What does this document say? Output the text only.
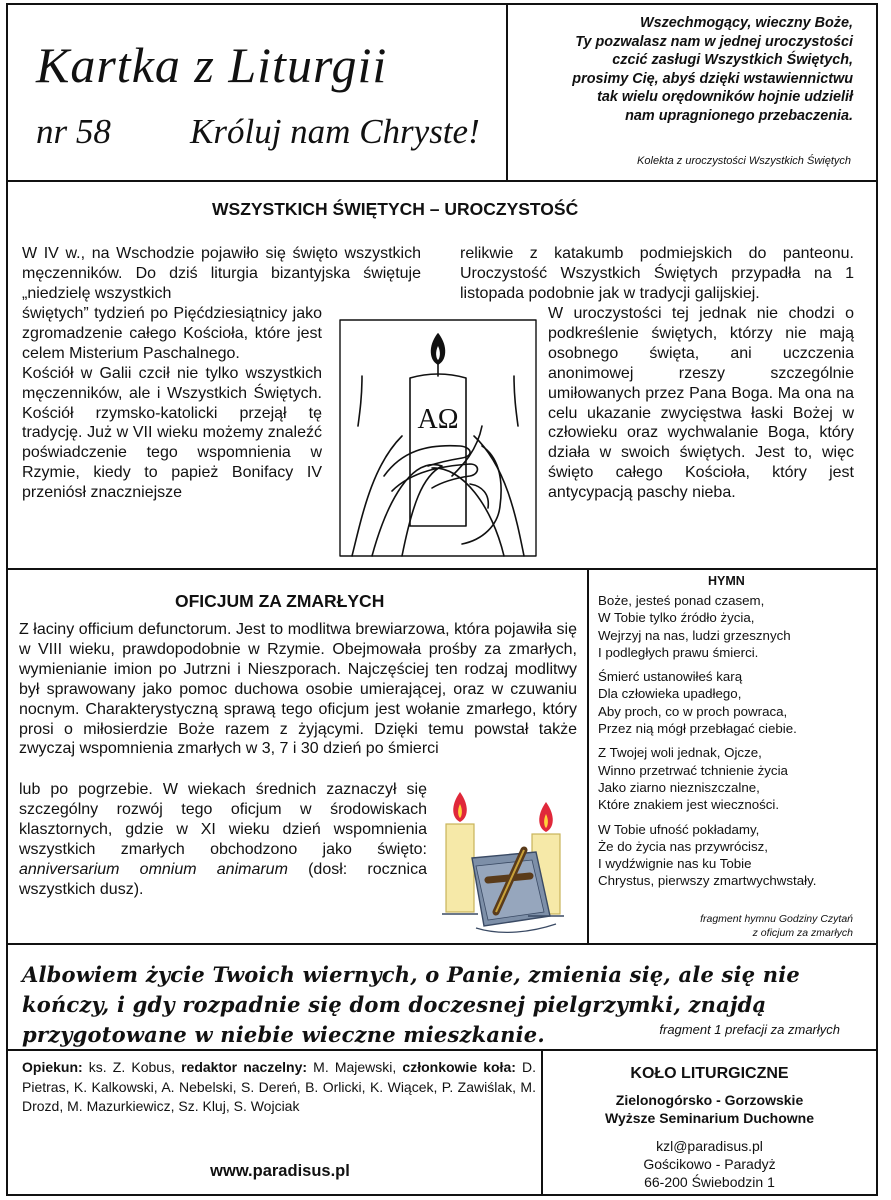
Kartka z Liturgii
nr 58 Króluj nam Chryste!
Wszechmogący, wieczny Boże,
Ty pozwalasz nam w jednej uroczystości
czcić zasługi Wszystkich Świętych,
prosimy Cię, abyś dzięki wstawiennictwu
tak wielu orędowników hojnie udzielił
nam upragnionego przebaczenia.
Kolekta z uroczystości Wszystkich Świętych
WSZYSTKICH ŚWIĘTYCH – UROCZYSTOŚĆ
W IV w., na Wschodzie pojawiło się święto wszystkich męczenników. Do dziś liturgia bizantyjska świętuje „niedzielę wszystkich

świętych” tydzień po Pięćdziesiątnicy jako zgromadzenie całego Kościoła, które jest celem Misterium Paschalnego.

Kościół w Galii czcił nie tylko wszystkich męczenników, ale i Wszystkich Świętych. Kościół rzymsko-katolicki przejął tę tradycję. Już w VII wieku możemy znaleźć poświadczenie tego wspomnienia w Rzymie, kiedy to papież Bonifacy IV przeniósł znaczniejsze

relikwie z katakumb podmiejskich do panteonu. Uroczystość Wszystkich Świętych przypadła na 1 listopada podobnie jak w tradycji galijskiej.
W uroczystości tej jednak nie chodzi o podkreślenie świętych, którzy nie mają osobnego święta, ani uczczenia anonimowej rzeszy szczególnie umiłowanych przez Pana Boga. Ma ona na celu ukazanie zwycięstwa łaski Bożej w człowieku oraz wychwalanie Boga, który działa w swoich świętych. Jest to, więc święto całego Kościoła, który jest antycypacją paschy nieba.
AΩ
OFICJUM ZA ZMARŁYCH
Z łaciny officium defunctorum. Jest to modlitwa brewiarzowa, która pojawiła się w VIII wieku, prawdopodobnie w Rzymie. Obejmowała prośby za zmarłych, wymienianie imion po Jutrzni i Nieszporach. Najczęściej ten rodzaj modlitwy był sprawowany jako pomoc duchowa osobie umierającej, oraz w czuwaniu nocnym. Charakterystyczną sprawą tego oficjum jest wołanie zmarłego, który prosi o miłosierdzie Boże razem z żyjącymi. Dzięki temu powstał także zwyczaj wspomnienia zmarłych w 3, 7 i 30 dzień po śmierci
lub po pogrzebie. W wiekach średnich zaznaczył się szczególny rozwój tego oficjum w środowiskach klasztornych, gdzie w XI wieku dzień wspomnienia wszystkich zmarłych obchodzono jako święto: anniversarium omnium animarum (dosł: rocznica wszystkich dusz).
HYMN
Boże, jesteś ponad czasem,
W Tobie tylko źródło życia,
Wejrzyj na nas, ludzi grzesznych
I podległych prawu śmierci.
Śmierć ustanowiłeś karą
Dla człowieka upadłego,
Aby proch, co w proch powraca,
Przez nią mógł przebłagać ciebie.
Z Twojej woli jednak, Ojcze,
Winno przetrwać tchnienie życia
Jako ziarno niezniszczalne,
Które znakiem jest wieczności.
W Tobie ufność pokładamy,
Że do życia nas przywrócisz,
I wydźwignie nas ku Tobie
Chrystus, pierwszy zmartwychwstały.
fragment hymnu Godziny Czytań
z oficjum za zmarłych
Albowiem życie Twoich wiernych, o Panie, zmienia się, ale się nie kończy, i gdy rozpadnie się dom doczesnej pielgrzymki, znajdą przygotowane w niebie wieczne mieszkanie.	fragment 1 prefacji za zmarłych
Opiekun: ks. Z. Kobus, redaktor naczelny: M. Majewski, członkowie koła: D. Pietras, K. Kalkowski, A. Nebelski, S. Dereń, B. Orlicki, K. Wiącek, P. Zawiślak, M. Drozd, M. Mazurkiewicz, Sz. Kluj, S. Wojciak
www.paradisus.pl
KOŁO LITURGICZNE
Zielonogórsko - Gorzowskie
Wyższe Seminarium Duchowne
kzl@paradisus.pl
Gościkowo - Paradyż
66-200 Świebodzin 1
